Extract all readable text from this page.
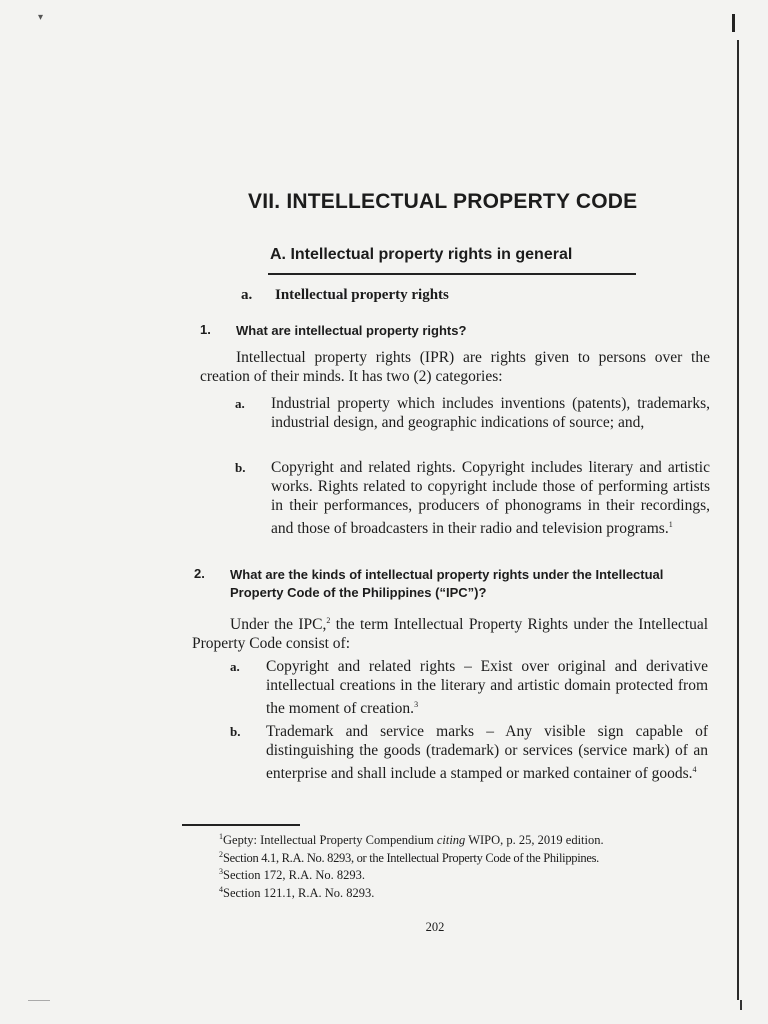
▾
VII. INTELLECTUAL PROPERTY CODE
A. Intellectual property rights in general
a. Intellectual property rights
1. What are intellectual property rights?

Intellectual property rights (IPR) are rights given to persons over the creation of their minds. It has two (2) categories:

a. Industrial property which includes inventions (patents), trademarks, industrial design, and geographic indications of source; and,
b. Copyright and related rights. Copyright includes literary and artistic works. Rights related to copyright include those of performing artists in their performances, producers of phonograms in their recordings, and those of broadcasters in their radio and television programs.$^1$
2. What are the kinds of intellectual property rights under the Intellectual Property Code of the Philippines (“IPC”)?

Under the IPC,$^2$ the term Intellectual Property Rights under the Intellectual Property Code consist of:

a. Copyright and related rights – Exist over original and derivative intellectual creations in the literary and artistic domain protected from the moment of creation.$^3$
b. Trademark and service marks – Any visible sign capable of distinguishing the goods (trademark) or services (service mark) of an enterprise and shall include a stamped or marked container of goods.$^4$
$^1$Gepty: Intellectual Property Compendium citing WIPO, p. 25, 2019 edition.
$^2$Section 4.1, R.A. No. 8293, or the Intellectual Property Code of the Philippines.
$^3$Section 172, R.A. No. 8293.
$^4$Section 121.1, R.A. No. 8293.
202
